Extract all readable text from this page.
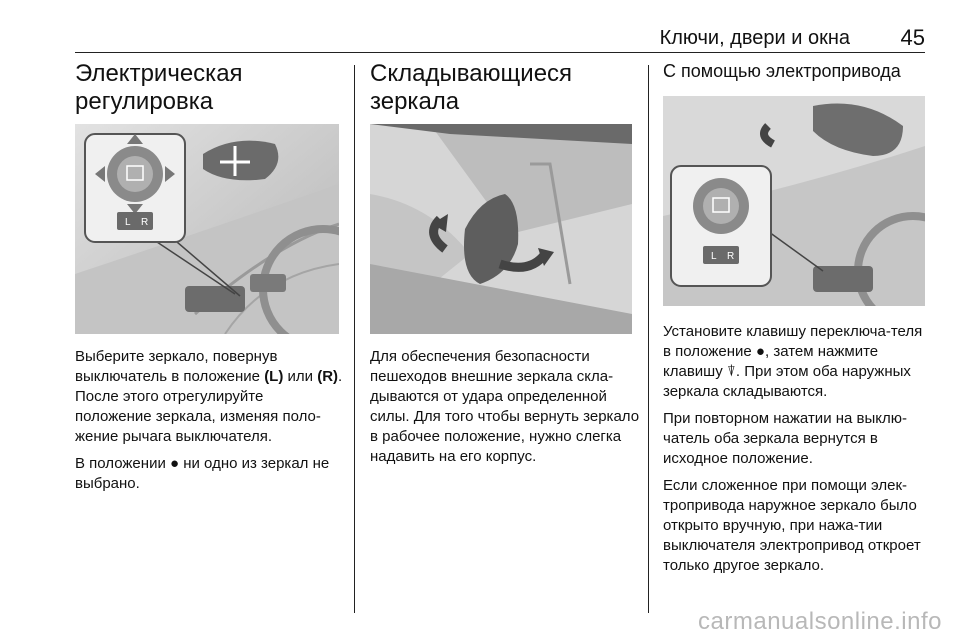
Ключи, двери и окна 45
Электрическая
регулировка
L R

Выберите зеркало, повернув выключатель в положение (L) или (R). После этого отрегулируйте положение зеркала, изменяя поло-жение рычага выключателя.

В положении ● ни одно из зеркал не выбрано.

Складывающиеся
зеркала

Для обеспечения безопасности пешеходов внешние зеркала скла-дываются от удара определенной силы. Для того чтобы вернуть зеркало в рабочее положение, нужно слегка надавить на его корпус.

С помощью электропривода
L R

Установите клавишу переключа-теля в положение ●, затем нажмите клавишу ⍒. При этом оба наружных зеркала складываются.

При повторном нажатии на выклю-чатель оба зеркала вернутся в исходное положение.

Если сложенное при помощи элек-тропривода наружное зеркало было открыто вручную, при нажа-тии выключателя электропривод откроет только другое зеркало.

carmanualsonline.info
